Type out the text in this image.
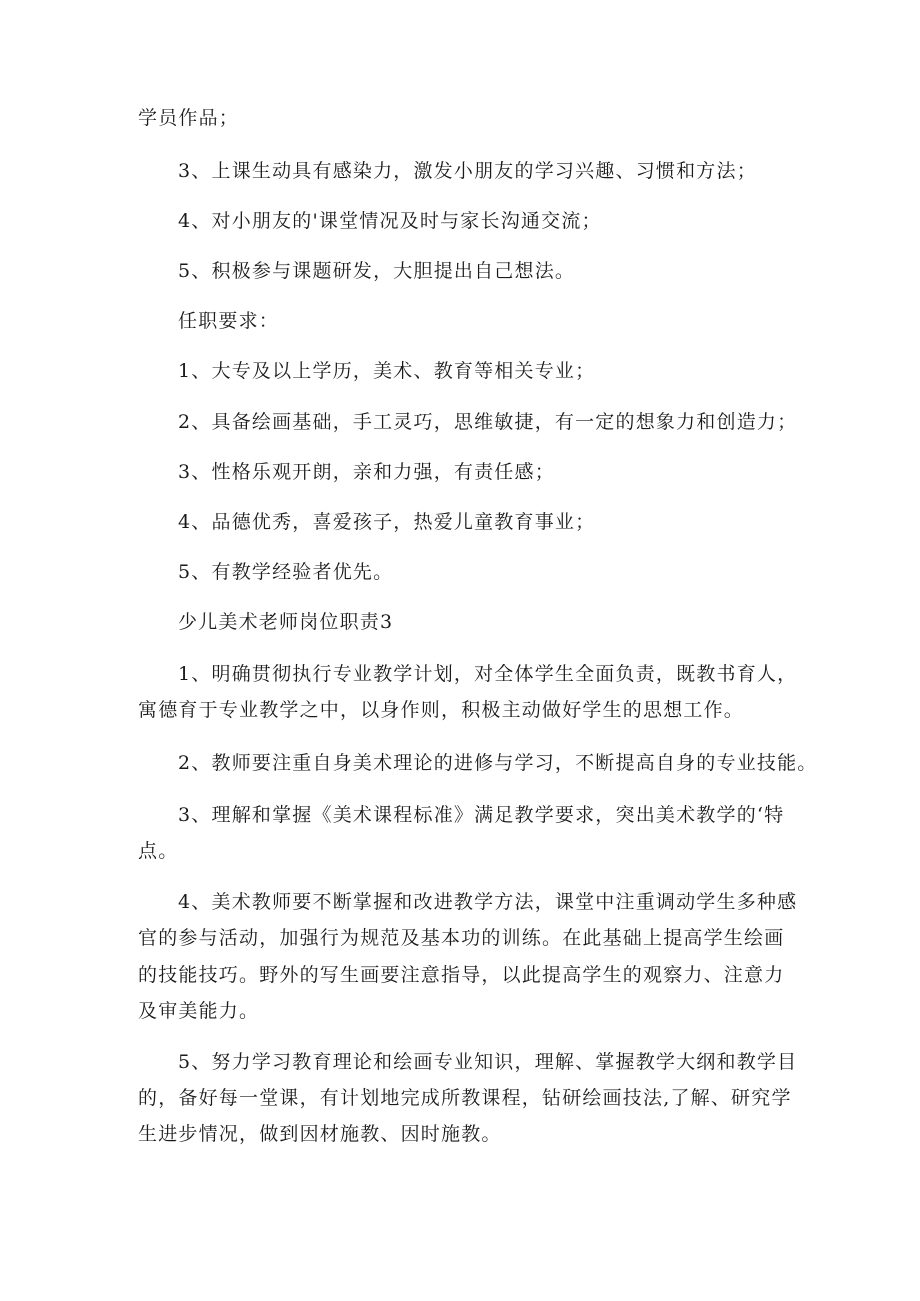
学员作品；

3、上课生动具有感染力，激发小朋友的学习兴趣、习惯和方法；

4、对小朋友的'课堂情况及时与家长沟通交流；

5、积极参与课题研发，大胆提出自己想法。

任职要求：

1、大专及以上学历，美术、教育等相关专业；

2、具备绘画基础，手工灵巧，思维敏捷，有一定的想象力和创造力；

3、性格乐观开朗，亲和力强，有责任感；

4、品德优秀，喜爱孩子，热爱儿童教育事业；

5、有教学经验者优先。

少儿美术老师岗位职责3

1、明确贯彻执行专业教学计划，对全体学生全面负责，既教书育人，

寓德育于专业教学之中，以身作则，积极主动做好学生的思想工作。

2、教师要注重自身美术理论的进修与学习，不断提高自身的专业技能。

3、理解和掌握《美术课程标准》满足教学要求，突出美术教学的‘特

点。

4、美术教师要不断掌握和改进教学方法，课堂中注重调动学生多种感

官的参与活动，加强行为规范及基本功的训练。在此基础上提高学生绘画

的技能技巧。野外的写生画要注意指导，以此提高学生的观察力、注意力

及审美能力。

5、努力学习教育理论和绘画专业知识，理解、掌握教学大纲和教学目

的，备好每一堂课，有计划地完成所教课程，钻研绘画技法,了解、研究学

生进步情况，做到因材施教、因时施教。
